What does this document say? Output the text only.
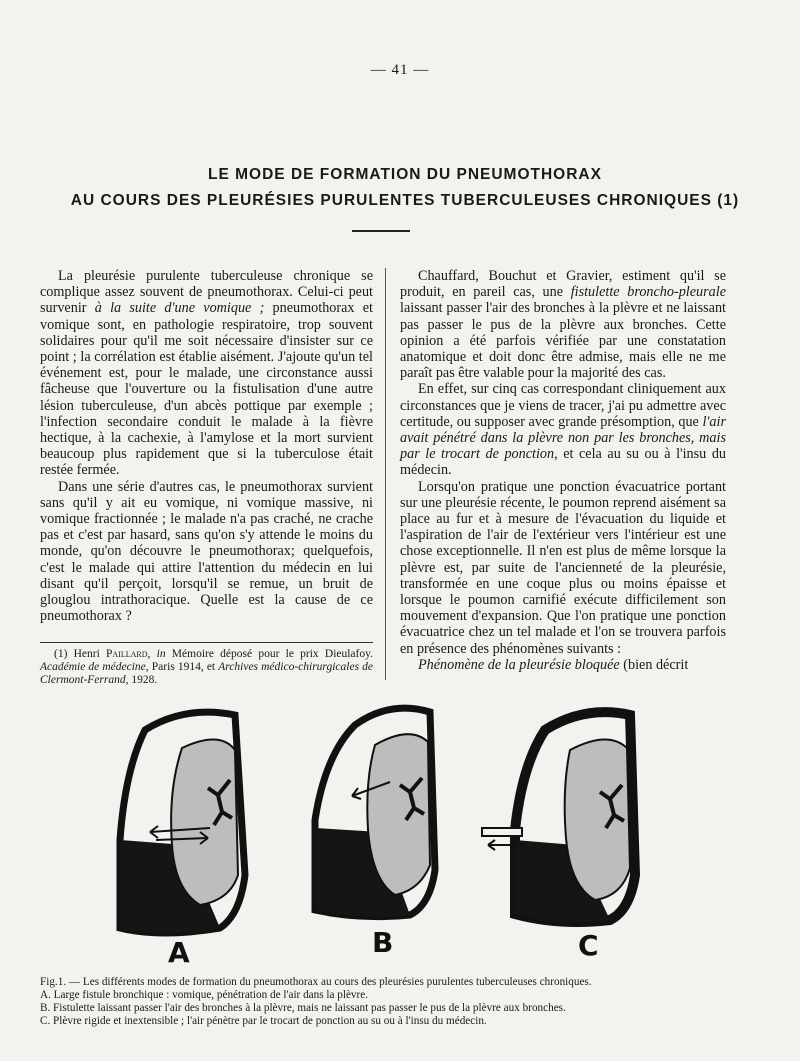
— 41 —
LE MODE DE FORMATION DU PNEUMOTHORAX
AU COURS DES PLEURÉSIES PURULENTES TUBERCULEUSES CHRONIQUES (1)

La pleurésie purulente tuberculeuse chronique se complique assez souvent de pneumothorax. Celui-ci peut survenir à la suite d'une vomique ; pneumothorax et vomique sont, en pathologie respiratoire, trop souvent solidaires pour qu'il me soit nécessaire d'insister sur ce point ; la corrélation est établie aisément. J'ajoute qu'un tel événement est, pour le malade, une circonstance aussi fâcheuse que l'ouverture ou la fistulisation d'une autre lésion tuberculeuse, d'un abcès pottique par exemple ; l'infection secondaire conduit le malade à la fièvre hectique, à la cachexie, à l'amylose et la mort survient beaucoup plus rapidement que si la tuberculose était restée fermée.

Dans une série d'autres cas, le pneumothorax survient sans qu'il y ait eu vomique, ni vomique massive, ni vomique fractionnée ; le malade n'a pas craché, ne crache pas et c'est par hasard, sans qu'on s'y attende le moins du monde, qu'on découvre le pneumothorax; quelquefois, c'est le malade qui attire l'attention du médecin en lui disant qu'il perçoit, lorsqu'il se remue, un bruit de glouglou intrathoracique. Quelle est la cause de ce pneumothorax ?

(1) Henri Paillard, in Mémoire déposé pour le prix Dieulafoy. Académie de médecine, Paris 1914, et Archives médico-chirurgicales de Clermont-Ferrand, 1928.

Chauffard, Bouchut et Gravier, estiment qu'il se produit, en pareil cas, une fistulette broncho-pleurale laissant passer l'air des bronches à la plèvre et ne laissant pas passer le pus de la plèvre aux bronches. Cette opinion a été parfois vérifiée par une constatation anatomique et doit donc être admise, mais elle ne me paraît pas être valable pour la majorité des cas.

En effet, sur cinq cas correspondant cliniquement aux circonstances que je viens de tracer, j'ai pu admettre avec certitude, ou supposer avec grande présomption, que l'air avait pénétré dans la plèvre non par les bronches, mais par le trocart de ponction, et cela au su ou à l'insu du médecin.

Lorsqu'on pratique une ponction évacuatrice portant sur une pleurésie récente, le poumon reprend aisément sa place au fur et à mesure de l'évacuation du liquide et l'aspiration de l'air de l'extérieur vers l'intérieur est une chose exceptionnelle. Il n'en est plus de même lorsque la plèvre est, par suite de l'ancienneté de la pleurésie, transformée en une coque plus ou moins épaisse et lorsque le poumon carnifié exécute difficilement son mouvement d'expansion. Que l'on pratique une ponction évacuatrice chez un tel malade et l'on se trouvera parfois en présence des phénomènes suivants :

Phénomène de la pleurésie bloquée (bien décrit

A	B	C
Fig.1. — Les différents modes de formation du pneumothorax au cours des pleurésies purulentes tuberculeuses chroniques.
A. Large fistule bronchique : vomique, pénétration de l'air dans la plèvre.
B. Fistulette laissant passer l'air des bronches à la plèvre, mais ne laissant pas passer le pus de la plèvre aux bronches.
C. Plèvre rigide et inextensible ; l'air pénètre par le trocart de ponction au su ou à l'insu du médecin.
